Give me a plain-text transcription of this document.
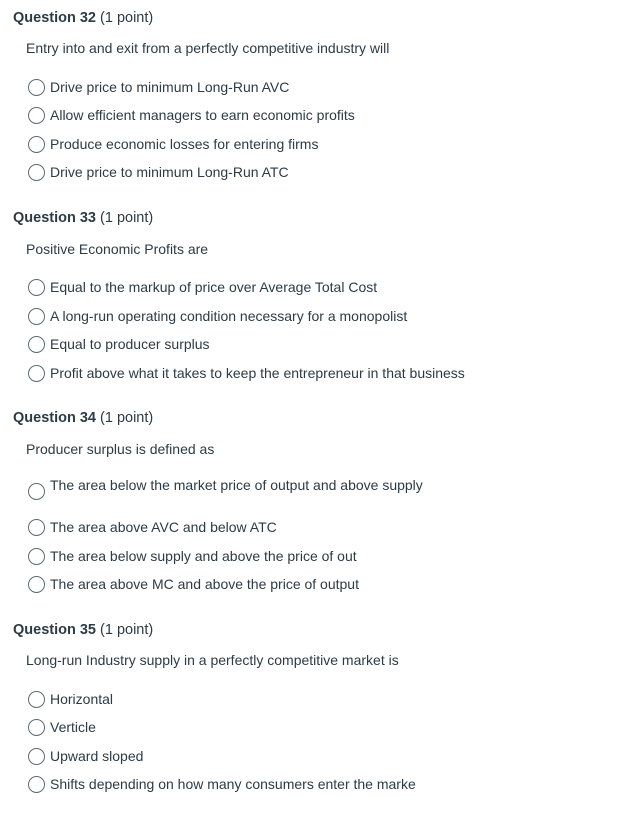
Question 32 (1 point)
Entry into and exit from a perfectly competitive industry will
Drive price to minimum Long-Run AVC
Allow efficient managers to earn economic profits
Produce economic losses for entering firms
Drive price to minimum Long-Run ATC
Question 33 (1 point)
Positive Economic Profits are
Equal to the markup of price over Average Total Cost
A long-run operating condition necessary for a monopolist
Equal to producer surplus
Profit above what it takes to keep the entrepreneur in that business
Question 34 (1 point)
Producer surplus is defined as
The area below the market price of output and above supply
The area above AVC and below ATC
The area below supply and above the price of out
The area above MC and above the price of output
Question 35 (1 point)
Long-run Industry supply in a perfectly competitive market is
Horizontal
Verticle
Upward sloped
Shifts depending on how many consumers enter the marke
